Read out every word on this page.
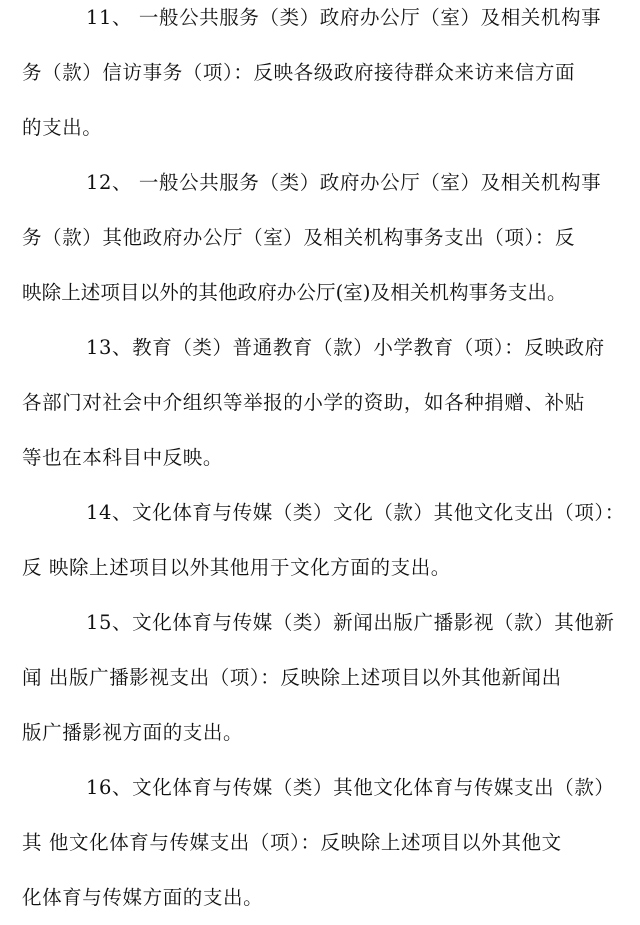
11、 一般公共服务（类）政府办公厅（室）及相关机构事
务（款）信访事务（项）：反映各级政府接待群众来访来信方面
的支出。
12、 一般公共服务（类）政府办公厅（室）及相关机构事
务（款）其他政府办公厅（室）及相关机构事务支出（项）：反
映除上述项目以外的其他政府办公厅(室)及相关机构事务支出。
13、教育（类）普通教育（款）小学教育（项）：反映政府
各部门对社会中介组织等举报的小学的资助，如各种捐赠、补贴
等也在本科目中反映。
14、文化体育与传媒（类）文化（款）其他文化支出（项）：
反 映除上述项目以外其他用于文化方面的支出。
15、文化体育与传媒（类）新闻出版广播影视（款）其他新
闻 出版广播影视支出（项）：反映除上述项目以外其他新闻出
版广播影视方面的支出。
16、文化体育与传媒（类）其他文化体育与传媒支出（款）
其 他文化体育与传媒支出（项）：反映除上述项目以外其他文
化体育与传媒方面的支出。
